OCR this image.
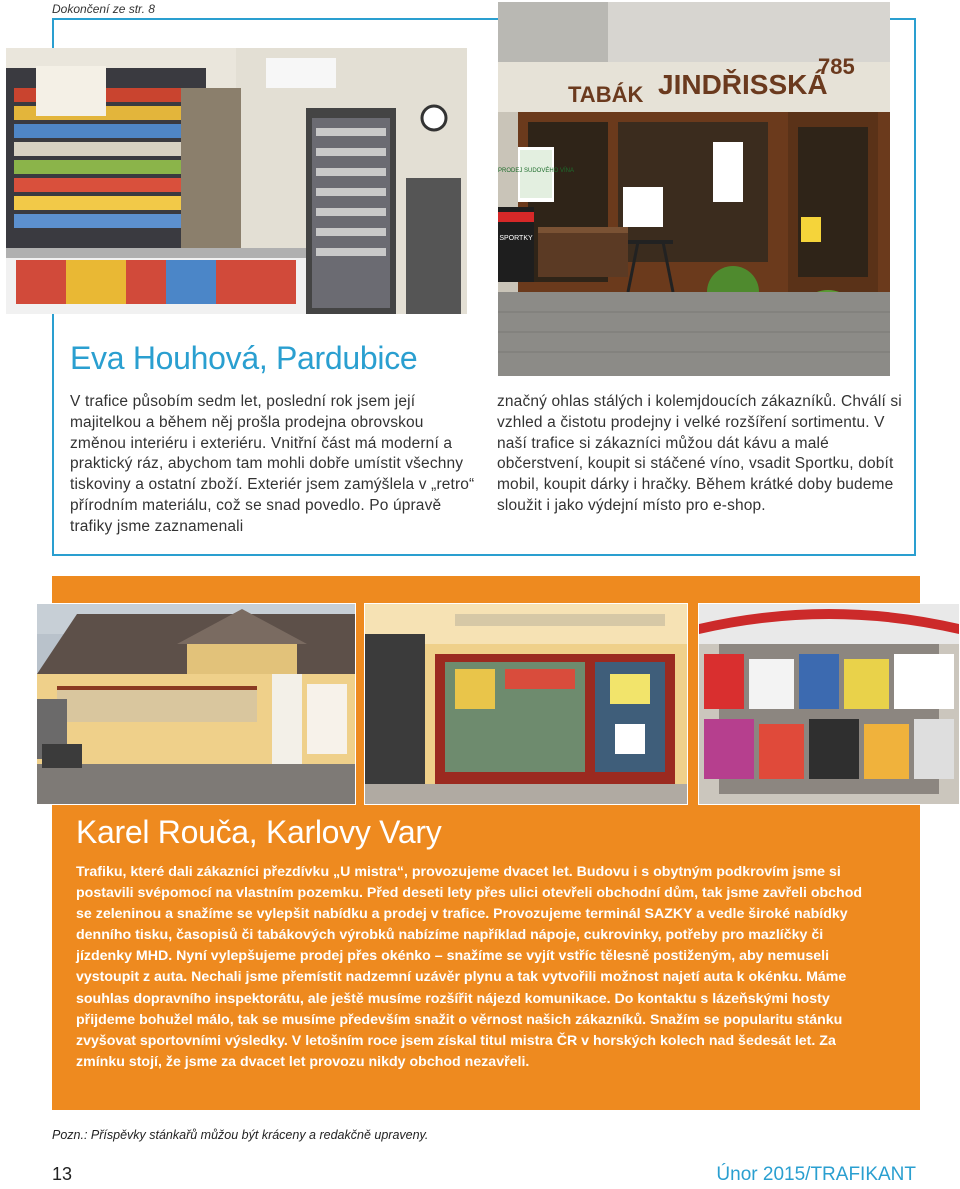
Dokončení ze str. 8
TABÁK JINDŘISSKÁ
785
PRODEJ SUDOVÉHO VÍNA
SPORTKY
Eva Houhová, Pardubice

V trafice působím sedm let, poslední rok jsem její majitelkou a během něj prošla prodejna obrovskou změnou interiéru i exteriéru. Vnitřní část má moderní a praktický ráz, abychom tam mohli dobře umístit všechny tiskoviny a ostatní zboží. Exteriér jsem zamýšlela v „retro“ přírodním materiálu, což se snad povedlo. Po úpravě trafiky jsme zaznamenali

značný ohlas stálých i kolemjdoucích zákazníků. Chválí si vzhled a čistotu prodejny i velké rozšíření sortimentu. V naší trafice si zákazníci můžou dát kávu a malé občerstvení, koupit si stáčené víno, vsadit Sportku, dobít mobil, koupit dárky i hračky. Během krátké doby budeme sloužit i jako výdejní místo pro e-shop.

Karel Rouča, Karlovy Vary

Trafiku, které dali zákazníci přezdívku „U mistra“, provozujeme dvacet let. Budovu i s obytným podkrovím jsme si postavili svépomocí na vlastním pozemku. Před deseti lety přes ulici otevřeli obchodní dům, tak jsme zavřeli obchod se zeleninou a snažíme se vylepšit nabídku a prodej v trafice. Provozujeme terminál SAZKY a vedle široké nabídky denního tisku, časopisů či tabákových výrobků nabízíme například nápoje, cukrovinky, potřeby pro mazlíčky či jízdenky MHD. Nyní vylepšujeme prodej přes okénko – snažíme se vyjít vstříc tělesně postiženým, aby nemuseli vystoupit z auta. Nechali jsme přemístit nadzemní uzávěr plynu a tak vytvořili možnost najetí auta k okénku. Máme souhlas dopravního inspektorátu, ale ještě musíme rozšířit nájezd komunikace. Do kontaktu s lázeňskými hosty přijdeme bohužel málo, tak se musíme především snažit o věrnost našich zákazníků. Snažím se popularitu stánku zvyšovat sportovními výsledky. V letošním roce jsem získal titul mistra ČR v horských kolech nad šedesát let. Za zmínku stojí, že jsme za dvacet let provozu nikdy obchod nezavřeli.

Pozn.: Příspěvky stánkařů můžou být kráceny a redakčně upraveny.
13	Únor 2015/TRAFIKANT
